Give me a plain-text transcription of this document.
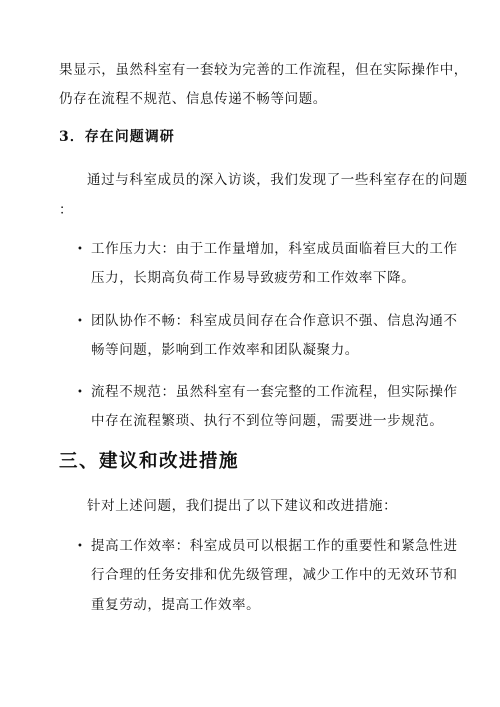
果显示，虽然科室有一套较为完善的工作流程，但在实际操作中，
仍存在流程不规范、信息传递不畅等问题。
3．存在问题调研
通过与科室成员的深入访谈，我们发现了一些科室存在的问题
：
• 工作压力大：由于工作量增加，科室成员面临着巨大的工作
压力，长期高负荷工作易导致疲劳和工作效率下降。
• 团队协作不畅：科室成员间存在合作意识不强、信息沟通不
畅等问题，影响到工作效率和团队凝聚力。
• 流程不规范：虽然科室有一套完整的工作流程，但实际操作
中存在流程繁琐、执行不到位等问题，需要进一步规范。
三、建议和改进措施
针对上述问题，我们提出了以下建议和改进措施：
• 提高工作效率：科室成员可以根据工作的重要性和紧急性进
行合理的任务安排和优先级管理，减少工作中的无效环节和
重复劳动，提高工作效率。
